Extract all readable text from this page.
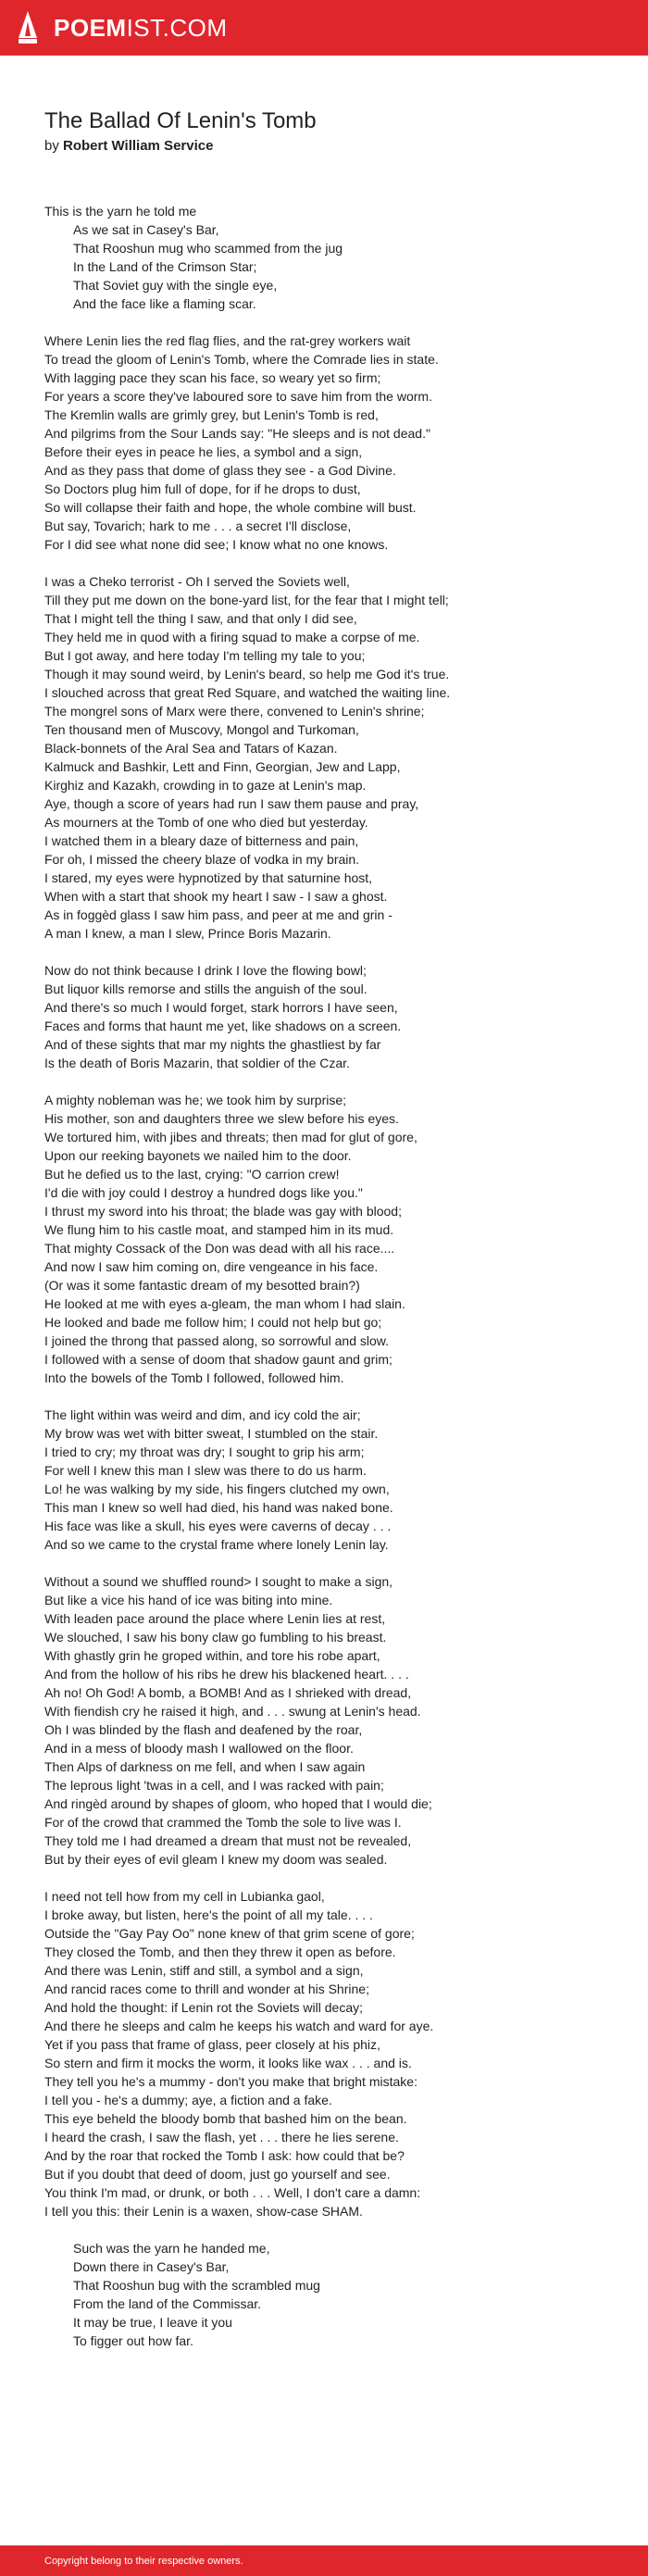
POEMIST.COM
The Ballad Of Lenin's Tomb
by Robert William Service
This is the yarn he told me
As we sat in Casey's Bar,
That Rooshun mug who scammed from the jug
In the Land of the Crimson Star;
That Soviet guy with the single eye,
And the face like a flaming scar.
Where Lenin lies the red flag flies, and the rat-grey workers wait
To tread the gloom of Lenin's Tomb, where the Comrade lies in state.
With lagging pace they scan his face, so weary yet so firm;
For years a score they've laboured sore to save him from the worm.
The Kremlin walls are grimly grey, but Lenin's Tomb is red,
And pilgrims from the Sour Lands say: "He sleeps and is not dead."
Before their eyes in peace he lies, a symbol and a sign,
And as they pass that dome of glass they see - a God Divine.
So Doctors plug him full of dope, for if he drops to dust,
So will collapse their faith and hope, the whole combine will bust.
But say, Tovarich; hark to me . . . a secret I'll disclose,
For I did see what none did see; I know what no one knows.
I was a Cheko terrorist - Oh I served the Soviets well,
Till they put me down on the bone-yard list, for the fear that I might tell;
That I might tell the thing I saw, and that only I did see,
They held me in quod with a firing squad to make a corpse of me.
But I got away, and here today I'm telling my tale to you;
Though it may sound weird, by Lenin's beard, so help me God it's true.
I slouched across that great Red Square, and watched the waiting line.
The mongrel sons of Marx were there, convened to Lenin's shrine;
Ten thousand men of Muscovy, Mongol and Turkoman,
Black-bonnets of the Aral Sea and Tatars of Kazan.
Kalmuck and Bashkir, Lett and Finn, Georgian, Jew and Lapp,
Kirghiz and Kazakh, crowding in to gaze at Lenin's map.
Aye, though a score of years had run I saw them pause and pray,
As mourners at the Tomb of one who died but yesterday.
I watched them in a bleary daze of bitterness and pain,
For oh, I missed the cheery blaze of vodka in my brain.
I stared, my eyes were hypnotized by that saturnine host,
When with a start that shook my heart I saw - I saw a ghost.
As in foggèd glass I saw him pass, and peer at me and grin -
A man I knew, a man I slew, Prince Boris Mazarin.
Now do not think because I drink I love the flowing bowl;
But liquor kills remorse and stills the anguish of the soul.
And there's so much I would forget, stark horrors I have seen,
Faces and forms that haunt me yet, like shadows on a screen.
And of these sights that mar my nights the ghastliest by far
Is the death of Boris Mazarin, that soldier of the Czar.
A mighty nobleman was he; we took him by surprise;
His mother, son and daughters three we slew before his eyes.
We tortured him, with jibes and threats; then mad for glut of gore,
Upon our reeking bayonets we nailed him to the door.
But he defied us to the last, crying: "O carrion crew!
I'd die with joy could I destroy a hundred dogs like you."
I thrust my sword into his throat; the blade was gay with blood;
We flung him to his castle moat, and stamped him in its mud.
That mighty Cossack of the Don was dead with all his race....
And now I saw him coming on, dire vengeance in his face.
(Or was it some fantastic dream of my besotted brain?)
He looked at me with eyes a-gleam, the man whom I had slain.
He looked and bade me follow him; I could not help but go;
I joined the throng that passed along, so sorrowful and slow.
I followed with a sense of doom that shadow gaunt and grim;
Into the bowels of the Tomb I followed, followed him.
The light within was weird and dim, and icy cold the air;
My brow was wet with bitter sweat, I stumbled on the stair.
I tried to cry; my throat was dry; I sought to grip his arm;
For well I knew this man I slew was there to do us harm.
Lo! he was walking by my side, his fingers clutched my own,
This man I knew so well had died, his hand was naked bone.
His face was like a skull, his eyes were caverns of decay . . .
And so we came to the crystal frame where lonely Lenin lay.
Without a sound we shuffled round> I sought to make a sign,
But like a vice his hand of ice was biting into mine.
With leaden pace around the place where Lenin lies at rest,
We slouched, I saw his bony claw go fumbling to his breast.
With ghastly grin he groped within, and tore his robe apart,
And from the hollow of his ribs he drew his blackened heart. . . .
Ah no! Oh God! A bomb, a BOMB! And as I shrieked with dread,
With fiendish cry he raised it high, and . . . swung at Lenin's head.
Oh I was blinded by the flash and deafened by the roar,
And in a mess of bloody mash I wallowed on the floor.
Then Alps of darkness on me fell, and when I saw again
The leprous light 'twas in a cell, and I was racked with pain;
And ringèd around by shapes of gloom, who hoped that I would die;
For of the crowd that crammed the Tomb the sole to live was I.
They told me I had dreamed a dream that must not be revealed,
But by their eyes of evil gleam I knew my doom was sealed.
I need not tell how from my cell in Lubianka gaol,
I broke away, but listen, here's the point of all my tale. . . .
Outside the "Gay Pay Oo" none knew of that grim scene of gore;
They closed the Tomb, and then they threw it open as before.
And there was Lenin, stiff and still, a symbol and a sign,
And rancid races come to thrill and wonder at his Shrine;
And hold the thought: if Lenin rot the Soviets will decay;
And there he sleeps and calm he keeps his watch and ward for aye.
Yet if you pass that frame of glass, peer closely at his phiz,
So stern and firm it mocks the worm, it looks like wax . . . and is.
They tell you he's a mummy - don't you make that bright mistake:
I tell you - he's a dummy; aye, a fiction and a fake.
This eye beheld the bloody bomb that bashed him on the bean.
I heard the crash, I saw the flash, yet . . . there he lies serene.
And by the roar that rocked the Tomb I ask: how could that be?
But if you doubt that deed of doom, just go yourself and see.
You think I'm mad, or drunk, or both . . . Well, I don't care a damn:
I tell you this: their Lenin is a waxen, show-case SHAM.
Such was the yarn he handed me,
Down there in Casey's Bar,
That Rooshun bug with the scrambled mug
From the land of the Commissar.
It may be true, I leave it you
To figger out how far.
Copyright belong to their respective owners.
